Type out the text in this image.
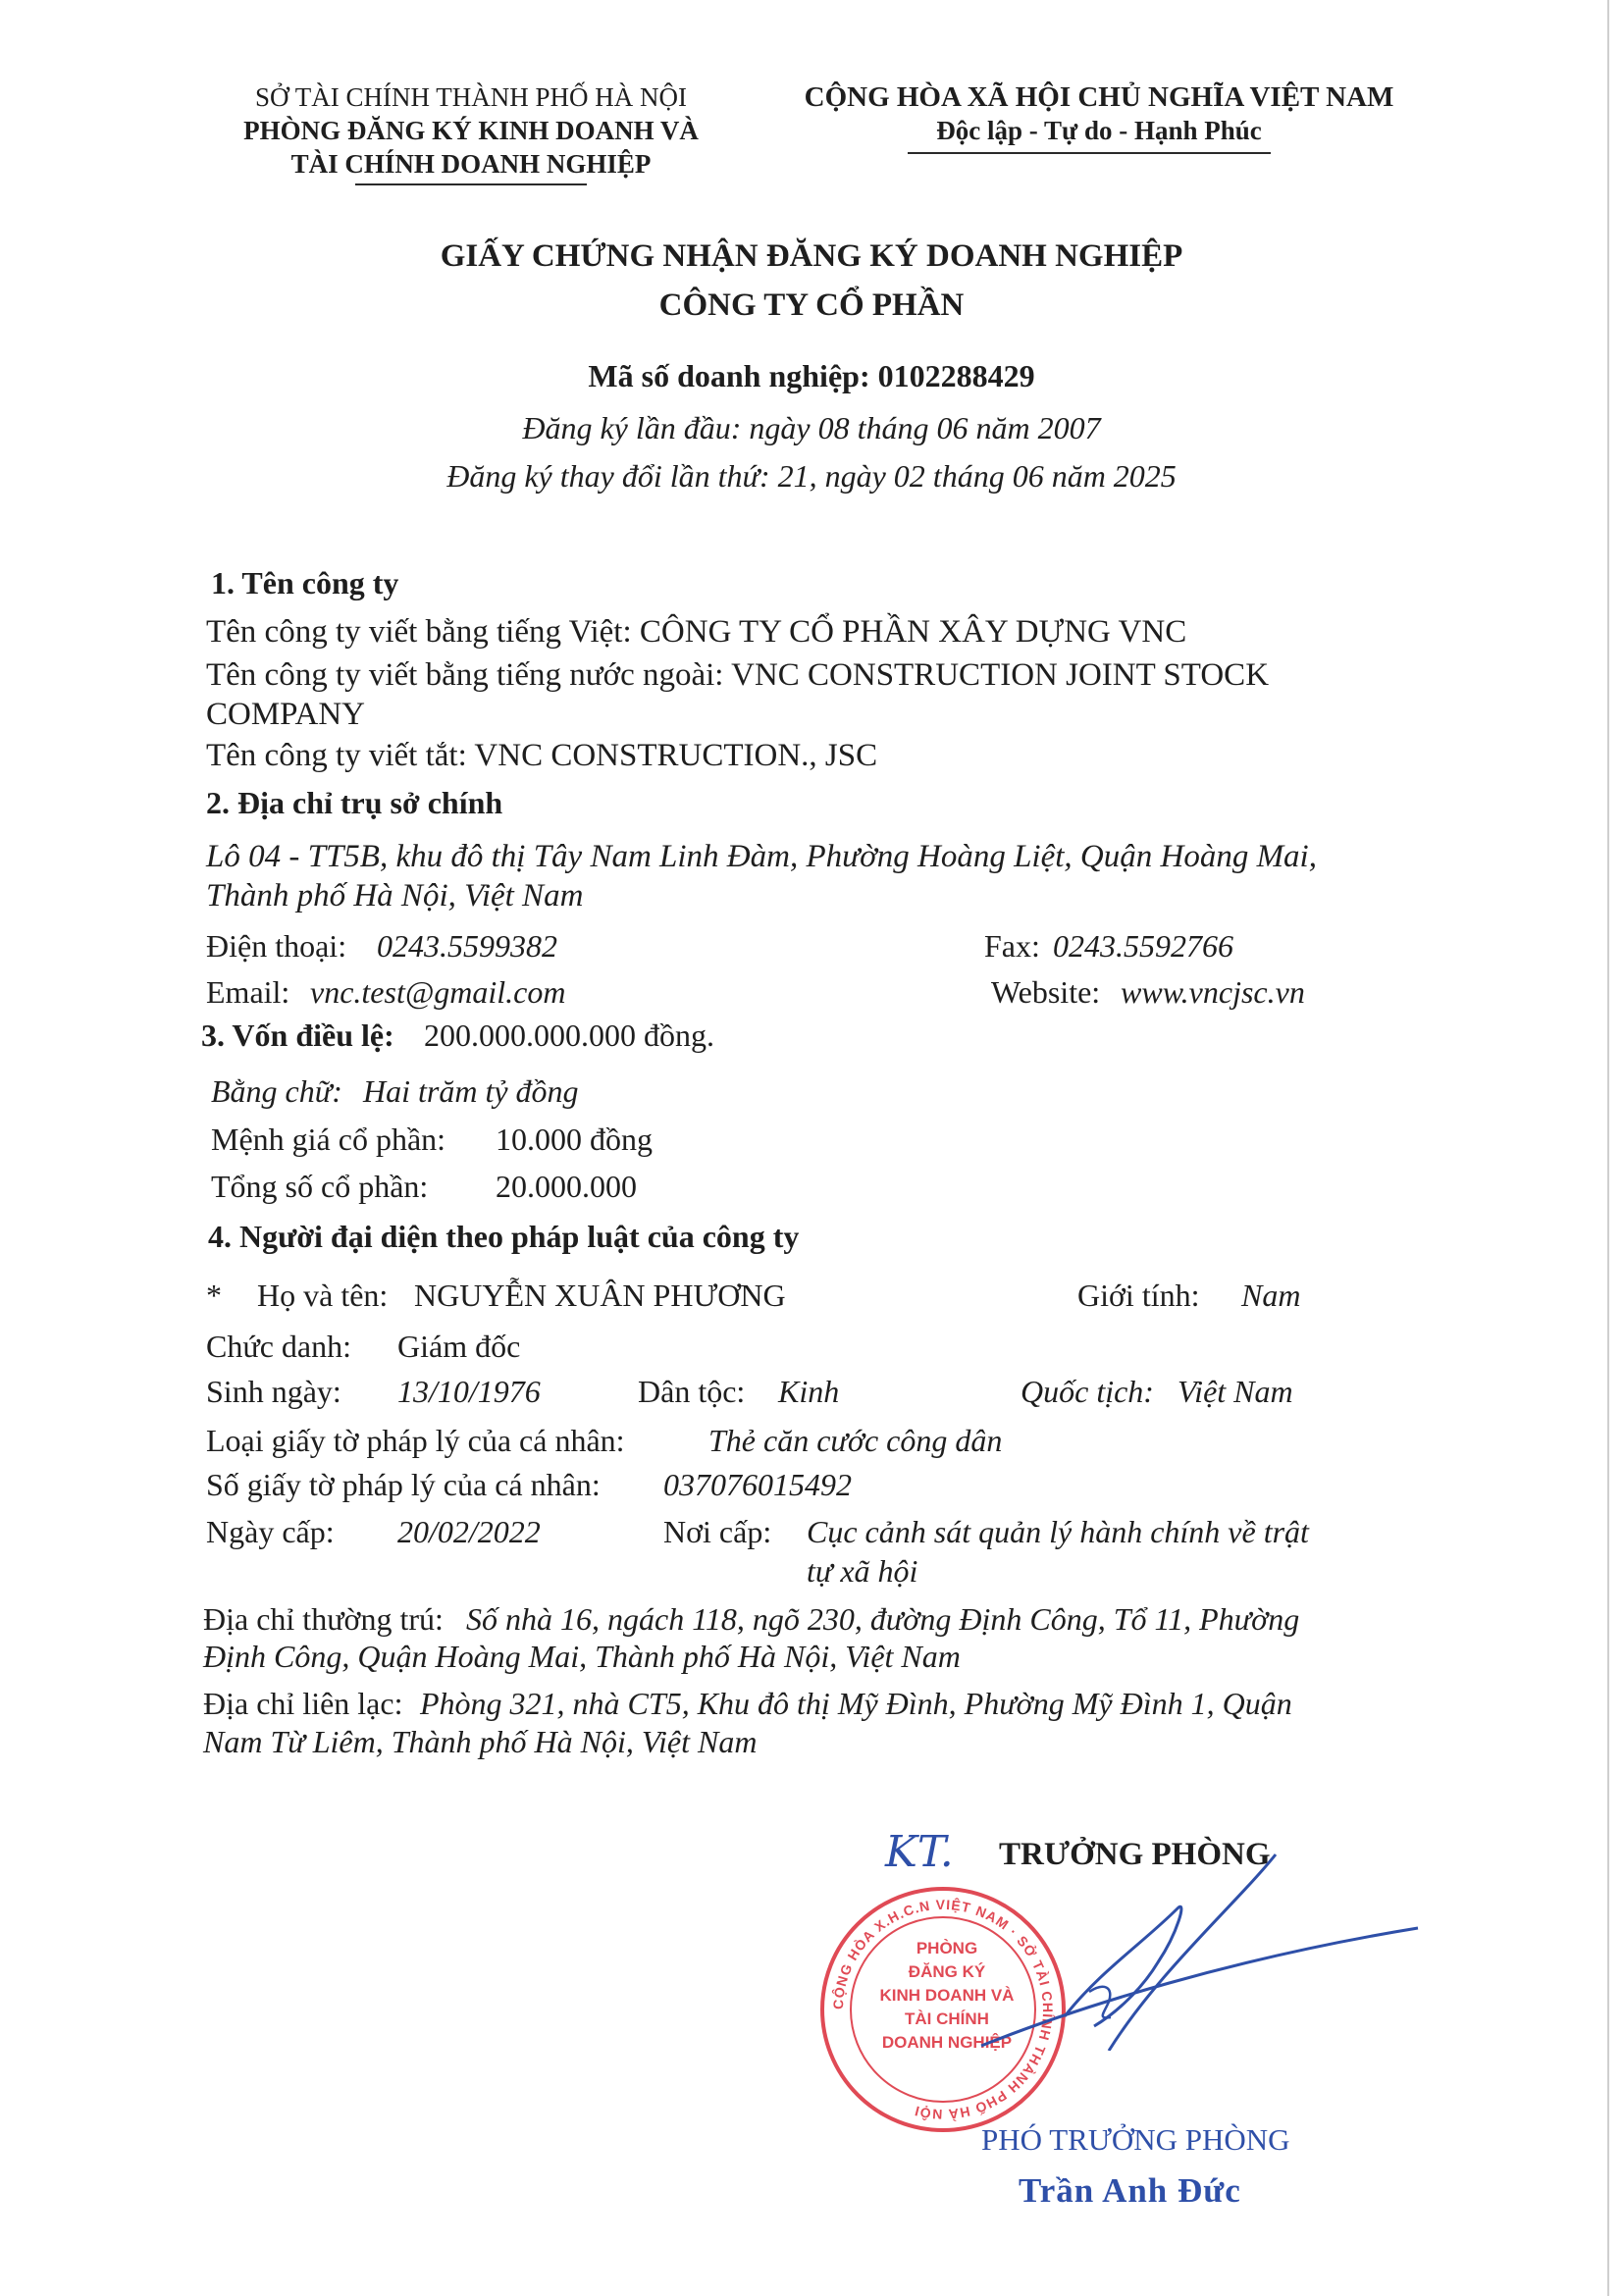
SỞ TÀI CHÍNH THÀNH PHỐ HÀ NỘI
PHÒNG ĐĂNG KÝ KINH DOANH VÀ
TÀI CHÍNH DOANH NGHIỆP
CỘNG HÒA XÃ HỘI CHỦ NGHĨA VIỆT NAM
Độc lập - Tự do - Hạnh Phúc
GIẤY CHỨNG NHẬN ĐĂNG KÝ DOANH NGHIỆP
CÔNG TY CỔ PHẦN
Mã số doanh nghiệp: 0102288429
Đăng ký lần đầu: ngày 08 tháng 06 năm 2007
Đăng ký thay đổi lần thứ: 21, ngày 02 tháng 06 năm 2025
1. Tên công ty
Tên công ty viết bằng tiếng Việt: CÔNG TY CỔ PHẦN XÂY DỰNG VNC
Tên công ty viết bằng tiếng nước ngoài: VNC CONSTRUCTION JOINT STOCK
COMPANY
Tên công ty viết tắt: VNC CONSTRUCTION., JSC
2. Địa chỉ trụ sở chính
Lô 04 - TT5B, khu đô thị Tây Nam Linh Đàm, Phường Hoàng Liệt, Quận Hoàng Mai,
Thành phố Hà Nội, Việt Nam
Điện thoại: 0243.5599382	Fax: 0243.5592766
Email: vnc.test@gmail.com	Website: www.vncjsc.vn
3. Vốn điều lệ: 200.000.000.000 đồng.
Bằng chữ: Hai trăm tỷ đồng
Mệnh giá cổ phần: 10.000 đồng
Tổng số cổ phần: 20.000.000
4. Người đại diện theo pháp luật của công ty
* Họ và tên: NGUYỄN XUÂN PHƯƠNG	Giới tính: Nam
Chức danh: Giám đốc
Sinh ngày: 13/10/1976	Dân tộc: Kinh	Quốc tịch: Việt Nam
Loại giấy tờ pháp lý của cá nhân:	Thẻ căn cước công dân
Số giấy tờ pháp lý của cá nhân: 037076015492
Ngày cấp: 20/02/2022	Nơi cấp: Cục cảnh sát quản lý hành chính về trật
tự xã hội
Địa chỉ thường trú: Số nhà 16, ngách 118, ngõ 230, đường Định Công, Tổ 11, Phường
Định Công, Quận Hoàng Mai, Thành phố Hà Nội, Việt Nam
Địa chỉ liên lạc: Phòng 321, nhà CT5, Khu đô thị Mỹ Đình, Phường Mỹ Đình 1, Quận
Nam Từ Liêm, Thành phố Hà Nội, Việt Nam
KT. TRƯỞNG PHÒNG
CỘNG HÒA X.H.C.N VIỆT NAM · SỞ TÀI CHÍNH THÀNH PHỐ HÀ NỘI
PHÒNG
ĐĂNG KÝ
KINH DOANH VÀ
TÀI CHÍNH
DOANH NGHIỆP
PHÓ TRƯỞNG PHÒNG
Trần Anh Đức
